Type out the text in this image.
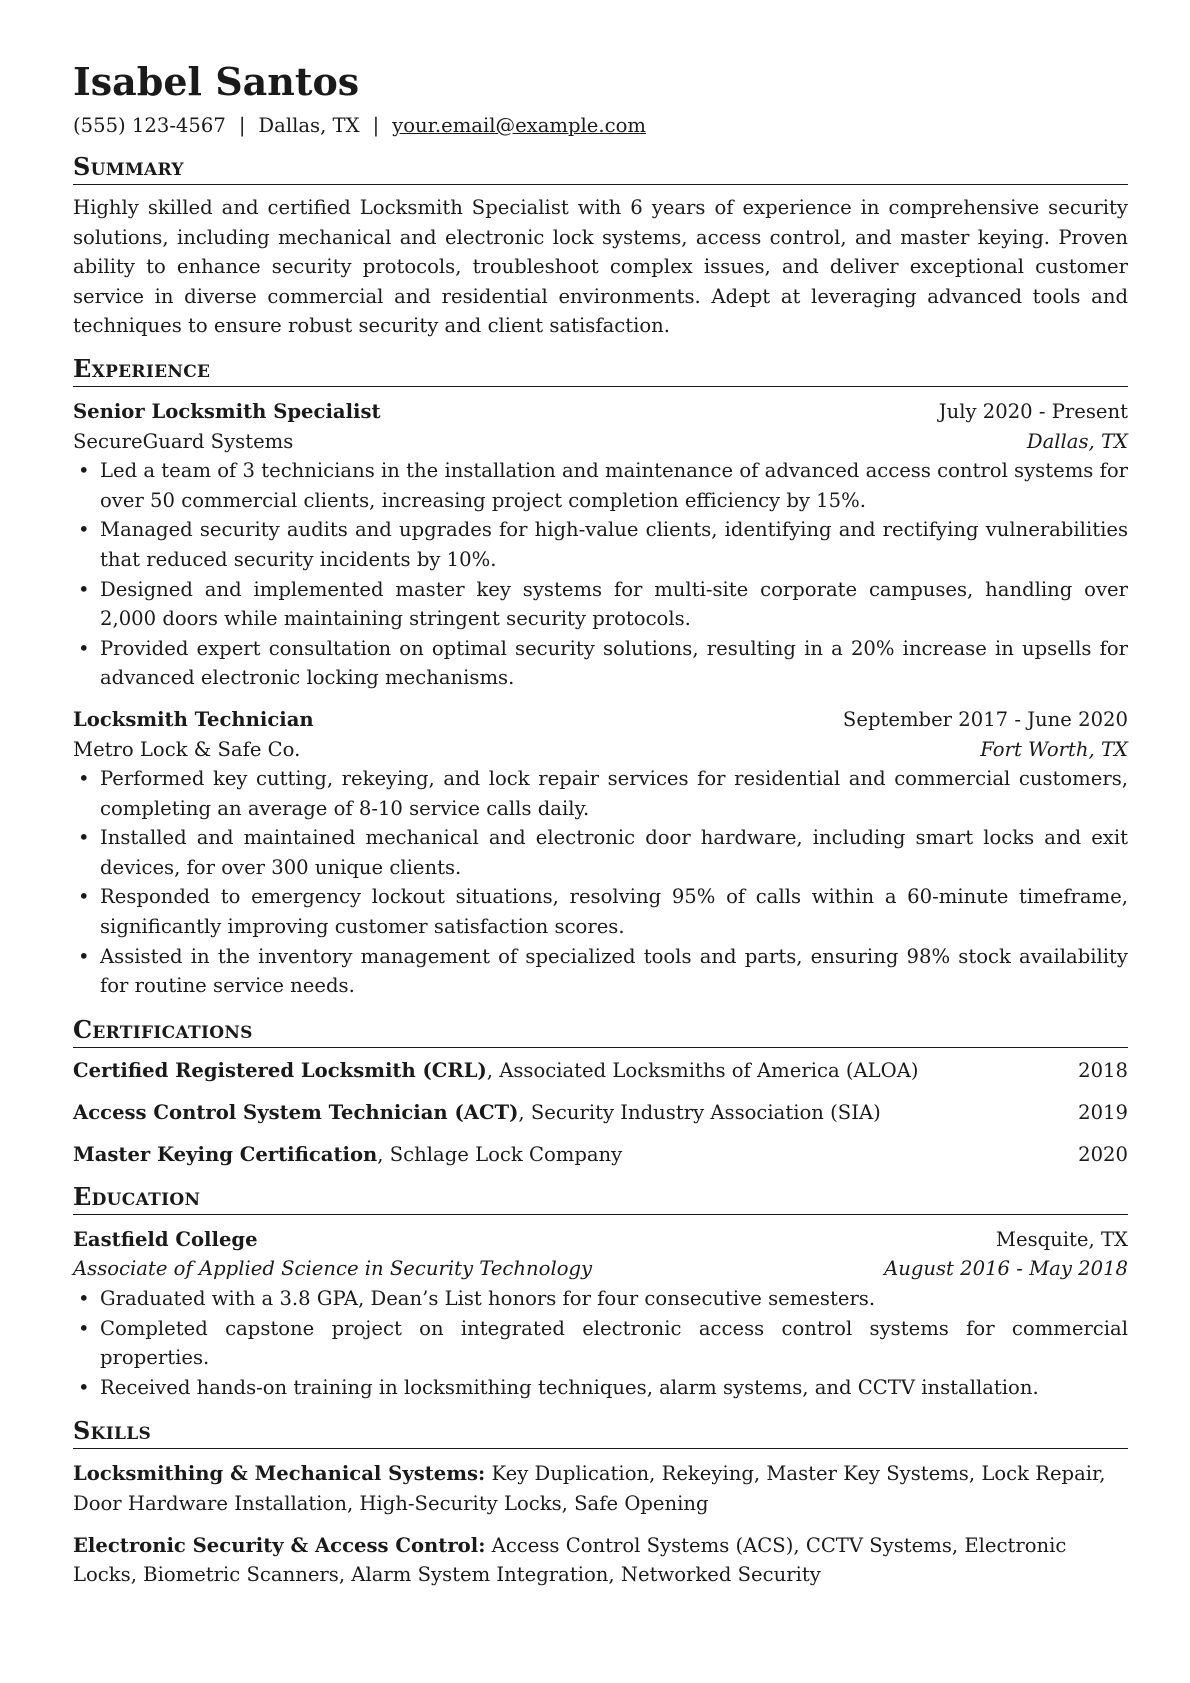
Isabel Santos
(555) 123-4567 | Dallas, TX | your.email@example.com
Summary
Highly skilled and certified Locksmith Specialist with 6 years of experience in comprehensive security solutions, including mechanical and electronic lock systems, access control, and master keying. Proven ability to enhance security protocols, troubleshoot complex issues, and deliver exceptional customer service in diverse commercial and residential environments. Adept at leveraging advanced tools and techniques to ensure robust security and client satisfaction.
Experience
Senior Locksmith Specialist	July 2020 - Present
SecureGuard Systems	Dallas, TX
• Led a team of 3 technicians in the installation and maintenance of advanced access control systems for over 50 commercial clients, increasing project completion efficiency by 15%.
• Managed security audits and upgrades for high-value clients, identifying and rectifying vulnerabilities that reduced security incidents by 10%.
• Designed and implemented master key systems for multi-site corporate campuses, handling over 2,000 doors while maintaining stringent security protocols.
• Provided expert consultation on optimal security solutions, resulting in a 20% increase in upsells for advanced electronic locking mechanisms.
Locksmith Technician	September 2017 - June 2020
Metro Lock & Safe Co.	Fort Worth, TX
• Performed key cutting, rekeying, and lock repair services for residential and commercial customers, completing an average of 8-10 service calls daily.
• Installed and maintained mechanical and electronic door hardware, including smart locks and exit devices, for over 300 unique clients.
• Responded to emergency lockout situations, resolving 95% of calls within a 60-minute timeframe, significantly improving customer satisfaction scores.
• Assisted in the inventory management of specialized tools and parts, ensuring 98% stock availability for routine service needs.
Certifications
Certified Registered Locksmith (CRL), Associated Locksmiths of America (ALOA)	2018
Access Control System Technician (ACT), Security Industry Association (SIA)	2019
Master Keying Certification, Schlage Lock Company	2020
Education
Eastfield College	Mesquite, TX
Associate of Applied Science in Security Technology	August 2016 - May 2018
• Graduated with a 3.8 GPA, Dean’s List honors for four consecutive semesters.
• Completed capstone project on integrated electronic access control systems for commercial properties.
• Received hands-on training in locksmithing techniques, alarm systems, and CCTV installation.
Skills
Locksmithing & Mechanical Systems: Key Duplication, Rekeying, Master Key Systems, Lock Repair, Door Hardware Installation, High-Security Locks, Safe Opening
Electronic Security & Access Control: Access Control Systems (ACS), CCTV Systems, Electronic Locks, Biometric Scanners, Alarm System Integration, Networked Security
